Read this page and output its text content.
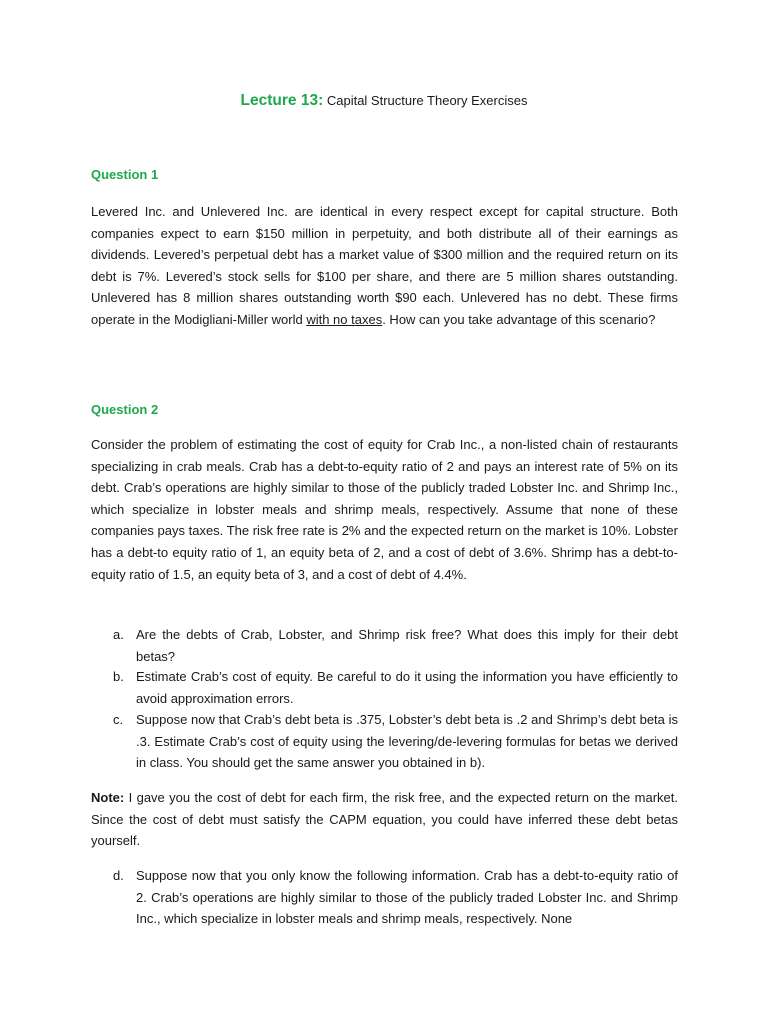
Lecture 13: Capital Structure Theory Exercises
Question 1

Levered Inc. and Unlevered Inc. are identical in every respect except for capital structure. Both companies expect to earn $150 million in perpetuity, and both distribute all of their earnings as dividends. Levered’s perpetual debt has a market value of $300 million and the required return on its debt is 7%. Levered’s stock sells for $100 per share, and there are 5 million shares outstanding. Unlevered has 8 million shares outstanding worth $90 each. Unlevered has no debt. These firms operate in the Modigliani-Miller world with no taxes. How can you take advantage of this scenario?

Question 2

Consider the problem of estimating the cost of equity for Crab Inc., a non-listed chain of restaurants specializing in crab meals. Crab has a debt-to-equity ratio of 2 and pays an interest rate of 5% on its debt. Crab’s operations are highly similar to those of the publicly traded Lobster Inc. and Shrimp Inc., which specialize in lobster meals and shrimp meals, respectively. Assume that none of these companies pays taxes. The risk free rate is 2% and the expected return on the market is 10%. Lobster has a debt-to equity ratio of 1, an equity beta of 2, and a cost of debt of 3.6%. Shrimp has a debt-to-equity ratio of 1.5, an equity beta of 3, and a cost of debt of 4.4%.

a. Are the debts of Crab, Lobster, and Shrimp risk free? What does this imply for their debt betas?
b. Estimate Crab’s cost of equity. Be careful to do it using the information you have efficiently to avoid approximation errors.
c. Suppose now that Crab’s debt beta is .375, Lobster’s debt beta is .2 and Shrimp’s debt beta is .3. Estimate Crab’s cost of equity using the levering/de-levering formulas for betas we derived in class. You should get the same answer you obtained in b).

Note: I gave you the cost of debt for each firm, the risk free, and the expected return on the market. Since the cost of debt must satisfy the CAPM equation, you could have inferred these debt betas yourself.

d. Suppose now that you only know the following information. Crab has a debt-to-equity ratio of 2. Crab’s operations are highly similar to those of the publicly traded Lobster Inc. and Shrimp Inc., which specialize in lobster meals and shrimp meals, respectively. None
